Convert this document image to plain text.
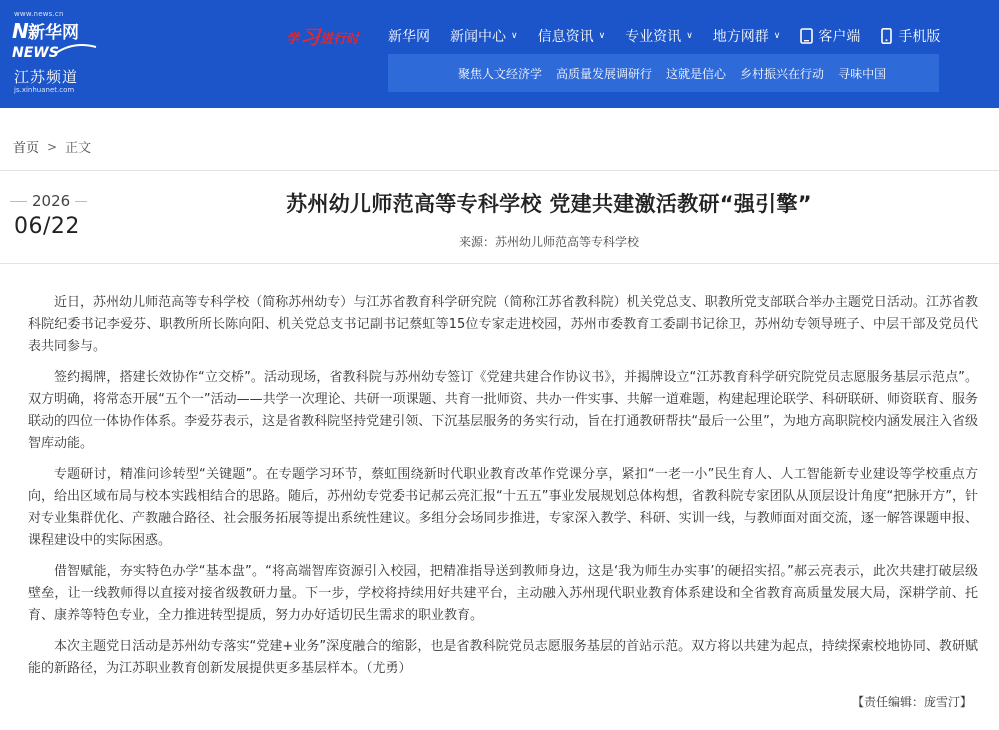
www.news.cn
N 新华网
NEWS
江苏频道
js.xinhuanet.com
学 习 进行时 新华网 新闻中心 ∨ 信息资讯 ∨ 专业资讯 ∨ 地方网群 ∨	客户端	手机版
聚焦人文经济学 高质量发展调研行 这就是信心 乡村振兴在行动 寻味中国
首页 > 正文
2026
06/22
苏州幼儿师范高等专科学校 党建共建激活教研“强引擎”
来源：苏州幼儿师范高等专科学校

近日，苏州幼儿师范高等专科学校（简称苏州幼专）与江苏省教育科学研究院（简称江苏省教科院）机关党总支、职教所党支部联合举办主题党日活动。江苏省教科院纪委书记李爱芬、职教所所长陈向阳、机关党总支书记副书记蔡虹等15位专家走进校园，苏州市委教育工委副书记徐卫，苏州幼专领导班子、中层干部及党员代表共同参与。

签约揭牌，搭建长效协作“立交桥”。活动现场，省教科院与苏州幼专签订《党建共建合作协议书》，并揭牌设立“江苏教育科学研究院党员志愿服务基层示范点”。双方明确，将常态开展“五个一”活动——共学一次理论、共研一项课题、共育一批师资、共办一件实事、共解一道难题，构建起理论联学、科研联研、师资联育、服务联动的四位一体协作体系。李爱芬表示，这是省教科院坚持党建引领、下沉基层服务的务实行动，旨在打通教研帮扶“最后一公里”，为地方高职院校内涵发展注入省级智库动能。

专题研讨，精准问诊转型“关键题”。在专题学习环节，蔡虹围绕新时代职业教育改革作党课分享，紧扣“一老一小”民生育人、人工智能新专业建设等学校重点方向，给出区域布局与校本实践相结合的思路。随后，苏州幼专党委书记郝云亮汇报“十五五”事业发展规划总体构想，省教科院专家团队从顶层设计角度“把脉开方”，针对专业集群优化、产教融合路径、社会服务拓展等提出系统性建议。多组分会场同步推进，专家深入教学、科研、实训一线，与教师面对面交流，逐一解答课题申报、课程建设中的实际困惑。

借智赋能，夯实特色办学“基本盘”。“将高端智库资源引入校园，把精准指导送到教师身边，这是‘我为师生办实事’的硬招实招。”郝云亮表示，此次共建打破层级壁垒，让一线教师得以直接对接省级教研力量。下一步，学校将持续用好共建平台，主动融入苏州现代职业教育体系建设和全省教育高质量发展大局，深耕学前、托育、康养等特色专业，全力推进转型提质，努力办好适切民生需求的职业教育。

本次主题党日活动是苏州幼专落实“党建+业务”深度融合的缩影，也是省教科院党员志愿服务基层的首站示范。双方将以共建为起点，持续探索校地协同、教研赋能的新路径，为江苏职业教育创新发展提供更多基层样本。（尤勇）

【责任编辑：庞雪汀】
